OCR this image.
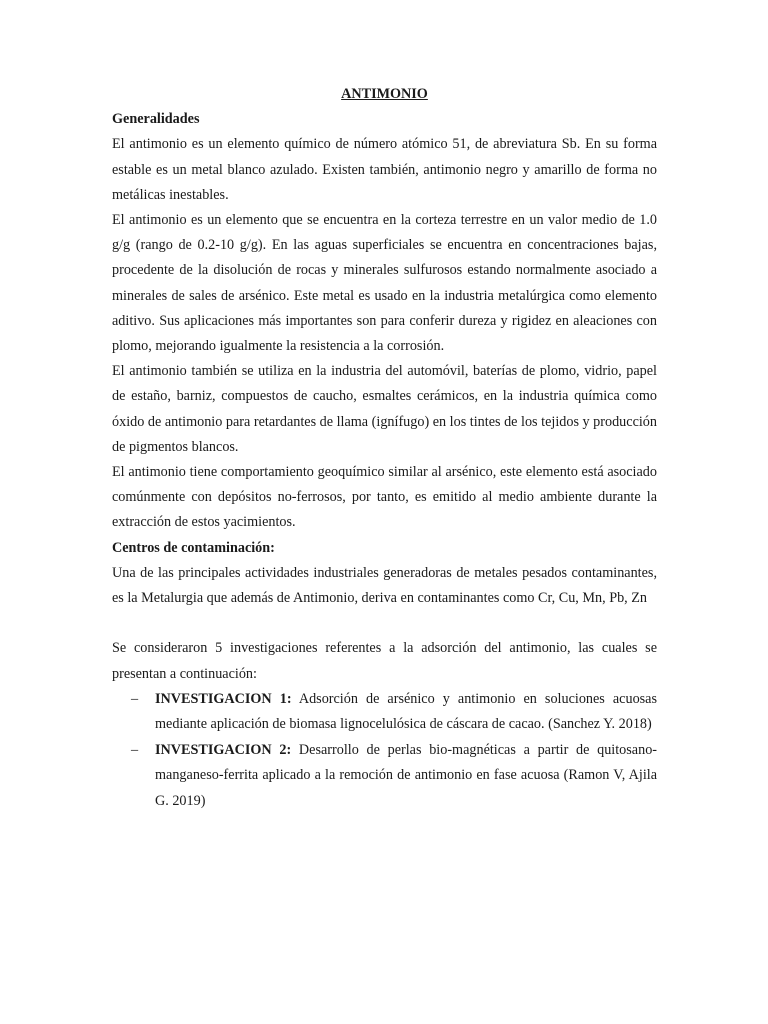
ANTIMONIO

Generalidades

El antimonio es un elemento químico de número atómico 51, de abreviatura Sb. En su forma estable es un metal blanco azulado. Existen también, antimonio negro y amarillo de forma no metálicas inestables.

El antimonio es un elemento que se encuentra en la corteza terrestre en un valor medio de 1.0 g/g (rango de 0.2-10 g/g). En las aguas superficiales se encuentra en concentraciones bajas, procedente de la disolución de rocas y minerales sulfurosos estando normalmente asociado a minerales de sales de arsénico. Este metal es usado en la industria metalúrgica como elemento aditivo. Sus aplicaciones más importantes son para conferir dureza y rigidez en aleaciones con plomo, mejorando igualmente la resistencia a la corrosión.

El antimonio también se utiliza en la industria del automóvil, baterías de plomo, vidrio, papel de estaño, barniz, compuestos de caucho, esmaltes cerámicos, en la industria química como óxido de antimonio para retardantes de llama (ignífugo) en los tintes de los tejidos y producción de pigmentos blancos.

El antimonio tiene comportamiento geoquímico similar al arsénico, este elemento está asociado comúnmente con depósitos no-ferrosos, por tanto, es emitido al medio ambiente durante la extracción de estos yacimientos.

Centros de contaminación:

Una de las principales actividades industriales generadoras de metales pesados contaminantes, es la Metalurgia que además de Antimonio, deriva en contaminantes como Cr, Cu, Mn, Pb, Zn

Se consideraron 5 investigaciones referentes a la adsorción del antimonio, las cuales se presentan a continuación:

– INVESTIGACION 1: Adsorción de arsénico y antimonio en soluciones acuosas mediante aplicación de biomasa lignocelulósica de cáscara de cacao. (Sanchez Y. 2018)
– INVESTIGACION 2: Desarrollo de perlas bio-magnéticas a partir de quitosano-manganeso-ferrita aplicado a la remoción de antimonio en fase acuosa (Ramon V, Ajila G. 2019)
